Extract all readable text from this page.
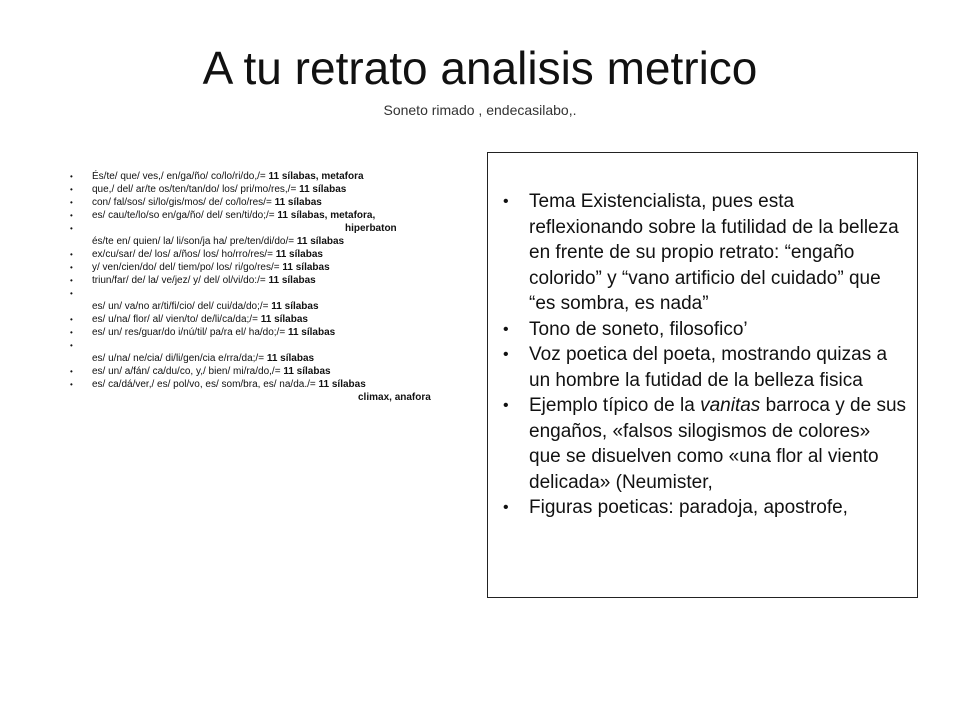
A tu retrato analisis metrico
Soneto rimado , endecasilabo,.
• És/te/ que/ ves,/ en/ga/ño/ co/lo/ri/do,/= 11 sílabas, metafora
•	que,/ del/ ar/te os/ten/tan/do/ los/ pri/mo/res,/= 11 sílabas
•	con/ fal/sos/ si/lo/gis/mos/ de/ co/lo/res/= 11 sílabas
•	es/ cau/te/lo/so en/ga/ño/ del/ sen/ti/do;/= 11 sílabas, metafora,
•	hiperbaton
és/te en/ quien/ la/ li/son/ja ha/ pre/ten/di/do/= 11 sílabas
•	ex/cu/sar/ de/ los/ a/ños/ los/ ho/rro/res/= 11 sílabas
•	y/ ven/cien/do/ del/ tiem/po/ los/ ri/go/res/= 11 sílabas
•	triun/far/ de/ la/ ve/jez/ y/ del/ ol/vi/do:/= 11 sílabas
•
es/ un/ va/no ar/ti/fi/cio/ del/ cui/da/do;/= 11 sílabas
•	es/ u/na/ flor/ al/ vien/to/ de/li/ca/da;/= 11 sílabas
•	es/ un/ res/guar/do i/nú/til/ pa/ra el/ ha/do;/= 11 sílabas
•
es/ u/na/ ne/cia/ di/li/gen/cia e/rra/da;/= 11 sílabas
•	es/ un/ a/fán/ ca/du/co, y,/ bien/ mi/ra/do,/= 11 sílabas
•	es/ ca/dá/ver,/ es/ pol/vo, es/ som/bra, es/ na/da./= 11 sílabas
climax, anafora
• Tema Existencialista, pues esta reflexionando sobre la futilidad de la belleza en frente de su propio retrato: “engaño colorido” y “vano artificio del cuidado” que “es sombra, es nada”
• Tono de soneto, filosofico’
• Voz poetica del poeta, mostrando quizas a un hombre la futidad de la belleza fisica
• Ejemplo típico de la vanitas barroca y de sus engaños, «falsos silogismos de colores» que se disuelven como «una flor al viento delicada» (Neumister,
• Figuras poeticas: paradoja, apostrofe,
